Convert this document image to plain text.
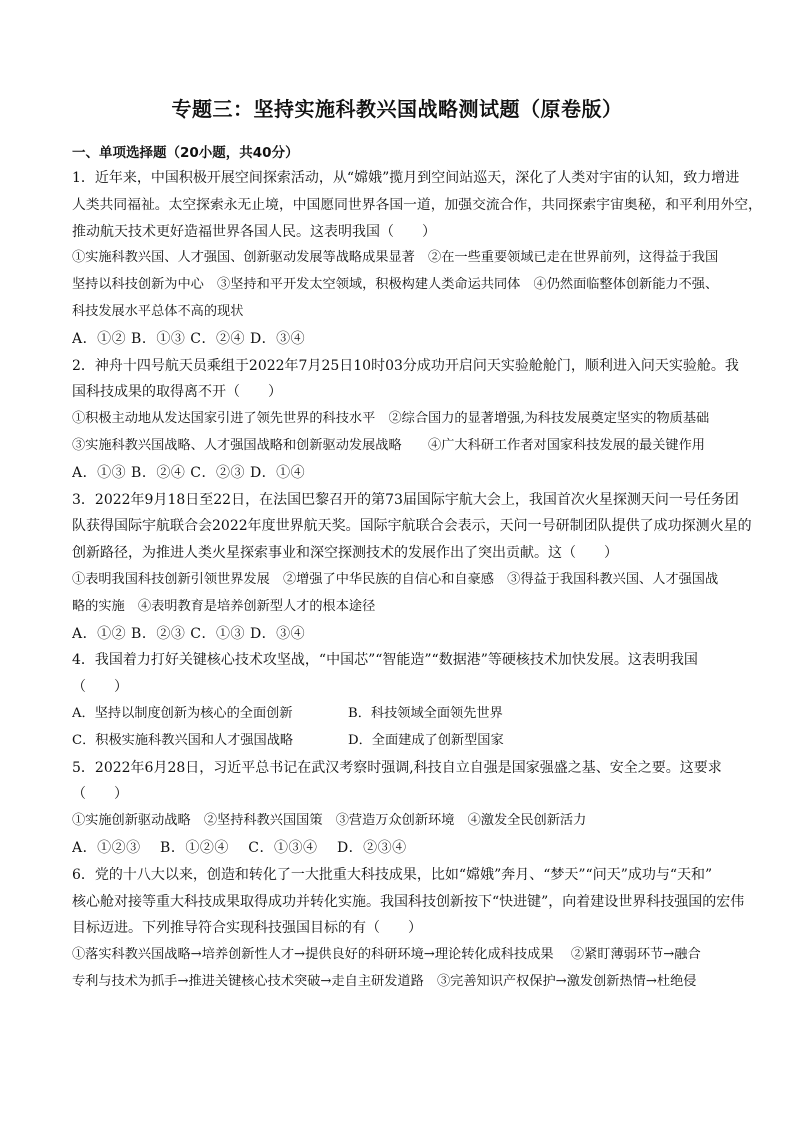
专题三：坚持实施科教兴国战略测试题（原卷版）
一、单项选择题（20小题，共40分）
1．近年来，中国积极开展空间探索活动，从“嫦娥”揽月到空间站巡天，深化了人类对宇宙的认知，致力增进
人类共同福祉。太空探索永无止境，中国愿同世界各国一道，加强交流合作，共同探索宇宙奥秘，和平利用外空，
推动航天技术更好造福世界各国人民。这表明我国（　　）
①实施科教兴国、人才强国、创新驱动发展等战略成果显著　②在一些重要领域已走在世界前列，这得益于我国
坚持以科技创新为中心　③坚持和平开发太空领域，积极构建人类命运共同体　④仍然面临整体创新能力不强、
科技发展水平总体不高的现状
A．①② B．①③ C．②④ D．③④
2．神舟十四号航天员乘组于2022年7月25日10时03分成功开启问天实验舱舱门，顺利进入问天实验舱。我
国科技成果的取得离不开（　　）
①积极主动地从发达国家引进了领先世界的科技水平　②综合国力的显著增强,为科技发展奠定坚实的物质基础
③实施科教兴国战略、人才强国战略和创新驱动发展战略　　④广大科研工作者对国家科技发展的最关键作用
A．①③ B．②④ C．②③ D．①④
3．2022年9月18日至22日，在法国巴黎召开的第73届国际宇航大会上，我国首次火星探测天问一号任务团
队获得国际宇航联合会2022年度世界航天奖。国际宇航联合会表示，天问一号研制团队提供了成功探测火星的
创新路径，为推进人类火星探索事业和深空探测技术的发展作出了突出贡献。这（　　）
①表明我国科技创新引领世界发展　②增强了中华民族的自信心和自豪感　③得益于我国科教兴国、人才强国战
略的实施　④表明教育是培养创新型人才的根本途径
A．①② B．②③ C．①③ D．③④
4．我国着力打好关键核心技术攻坚战，“中国芯”“智能造”“数据港”等硬核技术加快发展。这表明我国
（　　）
A．坚持以制度创新为核心的全面创新	B．科技领域全面领先世界
C．积极实施科教兴国和人才强国战略	D．全面建成了创新型国家
5．2022年6月28日，习近平总书记在武汉考察时强调,科技自立自强是国家强盛之基、安全之要。这要求
（　　）
①实施创新驱动战略　②坚持科教兴国国策　③营造万众创新环境　④激发全民创新活力
A．①②③　 B．①②④　 C．①③④　 D．②③④
6．党的十八大以来，创造和转化了一大批重大科技成果，比如“嫦娥”奔月、“梦天”“问天”成功与“天和”
核心舱对接等重大科技成果取得成功并转化实施。我国科技创新按下“快进键”，向着建设世界科技强国的宏伟
目标迈进。下列推导符合实现科技强国目标的有（　　）
①落实科教兴国战略→培养创新性人才→提供良好的科研环境→理论转化成科技成果　 ②紧盯薄弱环节→融合
专利与技术为抓手→推进关键核心技术突破→走自主研发道路　③完善知识产权保护→激发创新热情→杜绝侵
